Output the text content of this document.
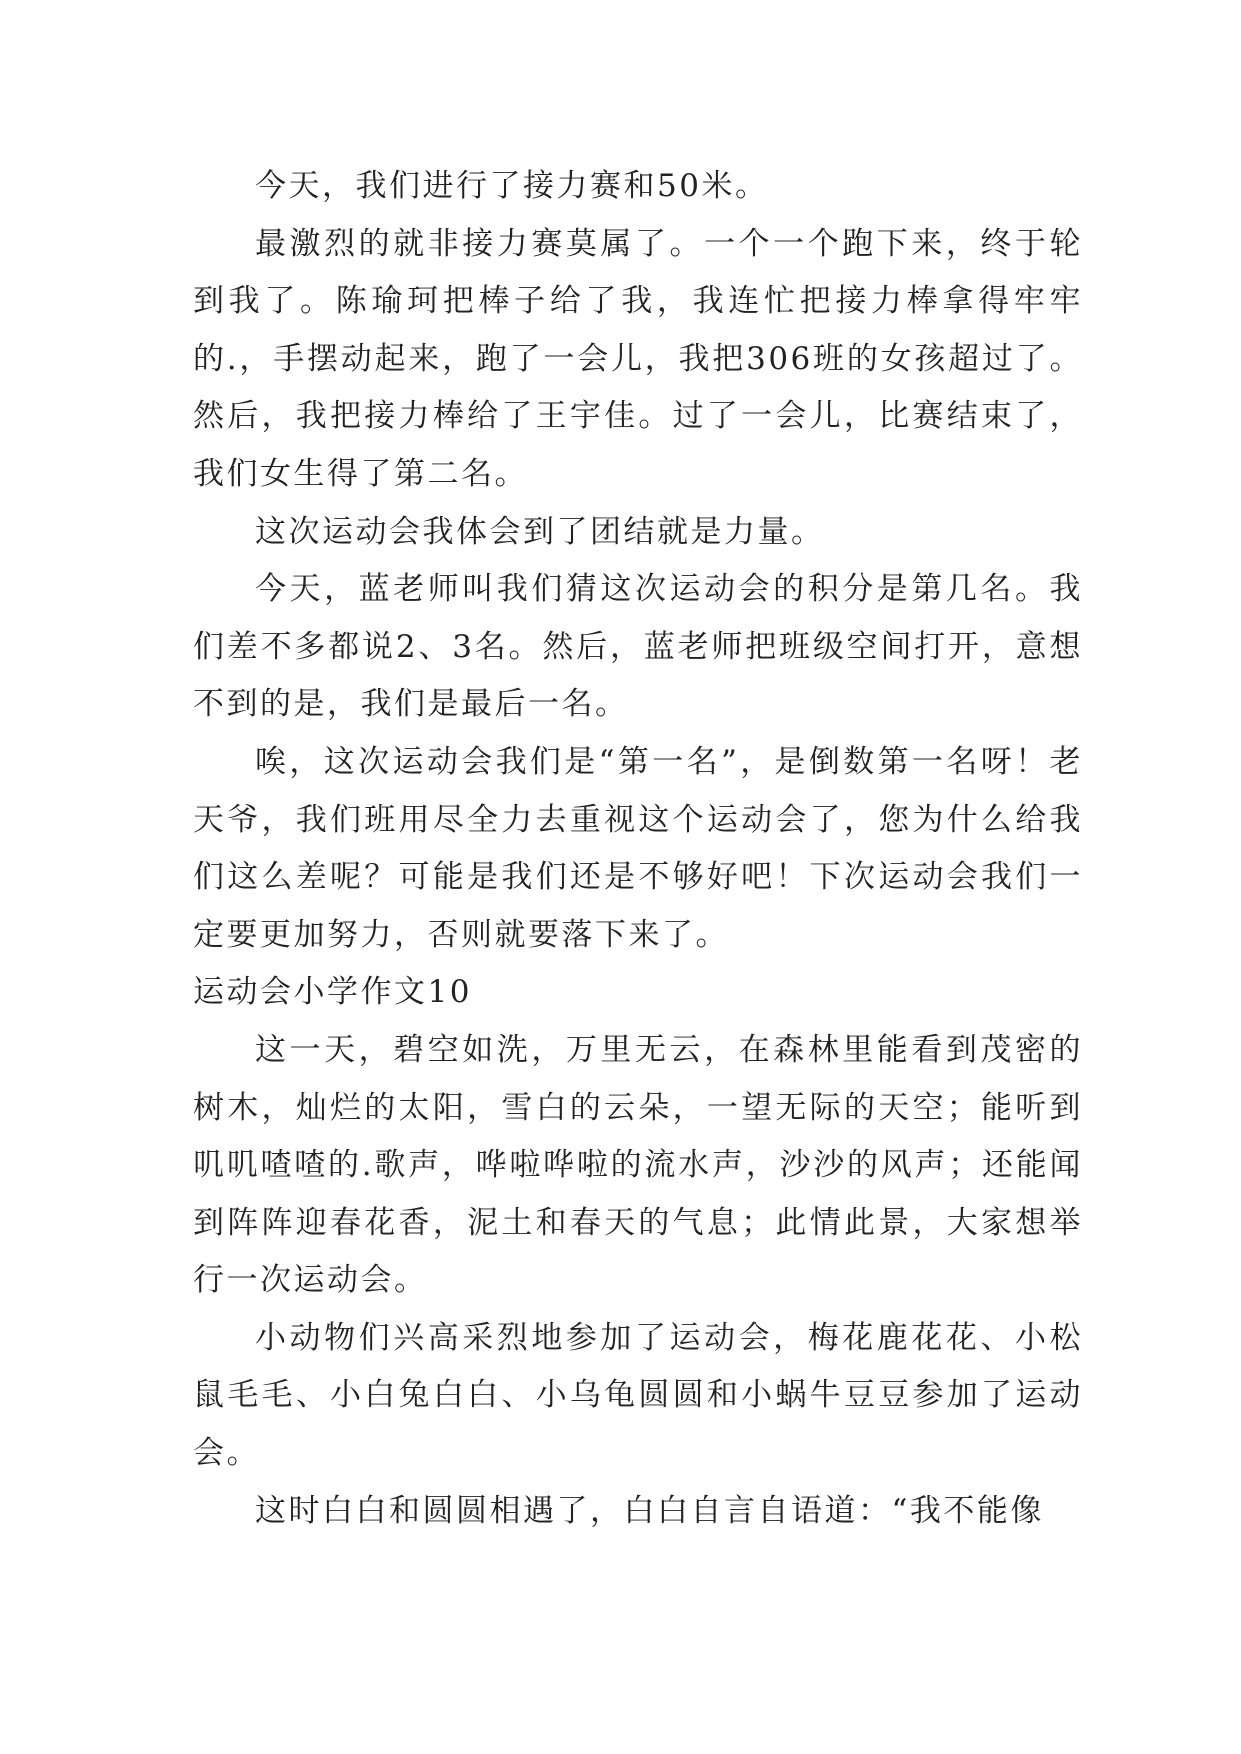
今天，我们进行了接力赛和50米。

最激烈的就非接力赛莫属了。一个一个跑下来，终于轮到我了。陈瑜珂把棒子给了我，我连忙把接力棒拿得牢牢的.，手摆动起来，跑了一会儿，我把306班的女孩超过了。然后，我把接力棒给了王宇佳。过了一会儿，比赛结束了，我们女生得了第二名。

这次运动会我体会到了团结就是力量。

今天，蓝老师叫我们猜这次运动会的积分是第几名。我们差不多都说2、3名。然后，蓝老师把班级空间打开，意想不到的是，我们是最后一名。

唉，这次运动会我们是“第一名”，是倒数第一名呀！老天爷，我们班用尽全力去重视这个运动会了，您为什么给我们这么差呢？可能是我们还是不够好吧！下次运动会我们一定要更加努力，否则就要落下来了。

运动会小学作文10

这一天，碧空如洗，万里无云，在森林里能看到茂密的树木，灿烂的太阳，雪白的云朵，一望无际的天空；能听到叽叽喳喳的.歌声，哗啦哗啦的流水声，沙沙的风声；还能闻到阵阵迎春花香，泥土和春天的气息；此情此景，大家想举行一次运动会。

小动物们兴高采烈地参加了运动会，梅花鹿花花、小松鼠毛毛、小白兔白白、小乌龟圆圆和小蜗牛豆豆参加了运动会。

这时白白和圆圆相遇了，白白自言自语道：“我不能像
